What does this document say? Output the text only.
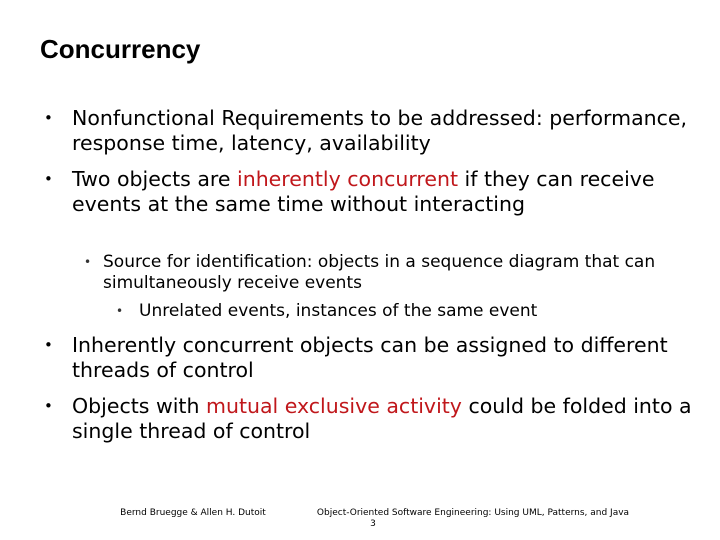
Concurrency
• Nonfunctional Requirements to be addressed: performance, response time, latency, availability
• Two objects are inherently concurrent if they can receive events at the same time without interacting
• Source for identification: objects in a sequence diagram that can simultaneously receive events
• Unrelated events, instances of the same event
• Inherently concurrent objects can be assigned to different threads of control
• Objects with mutual exclusive activity could be folded into a single thread of control
Bernd Bruegge & Allen H. Dutoit	Object-Oriented Software Engineering: Using UML, Patterns, and Java
3
